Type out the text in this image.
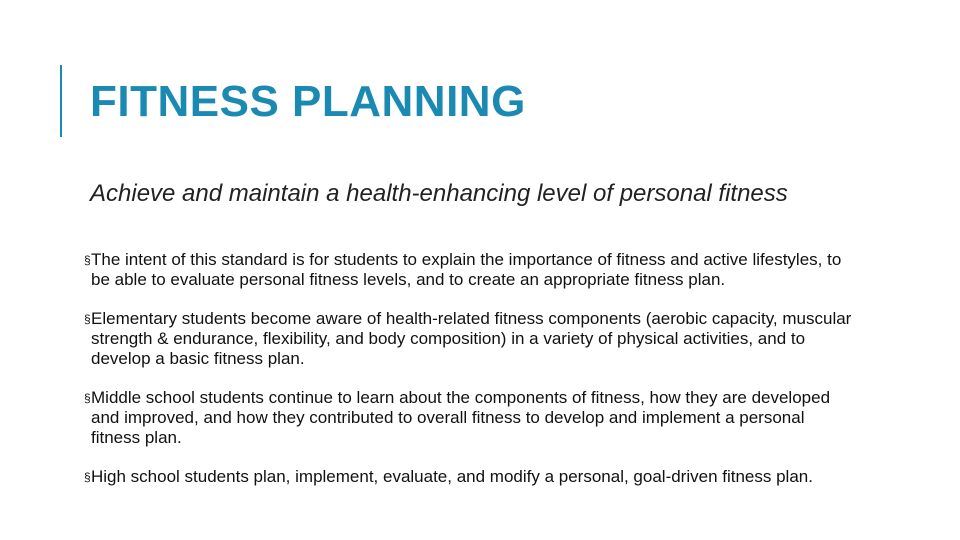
FITNESS PLANNING

Achieve and maintain a health-enhancing level of personal fitness

§ The intent of this standard is for students to explain the importance of fitness and active lifestyles, to be able to evaluate personal fitness levels, and to create an appropriate fitness plan.
§ Elementary students become aware of health-related fitness components (aerobic capacity, muscular strength & endurance, flexibility, and body composition) in a variety of physical activities, and to develop a basic fitness plan.
§ Middle school students continue to learn about the components of fitness, how they are developed and improved, and how they contributed to overall fitness to develop and implement a personal fitness plan.
§ High school students plan, implement, evaluate, and modify a personal, goal-driven fitness plan.
